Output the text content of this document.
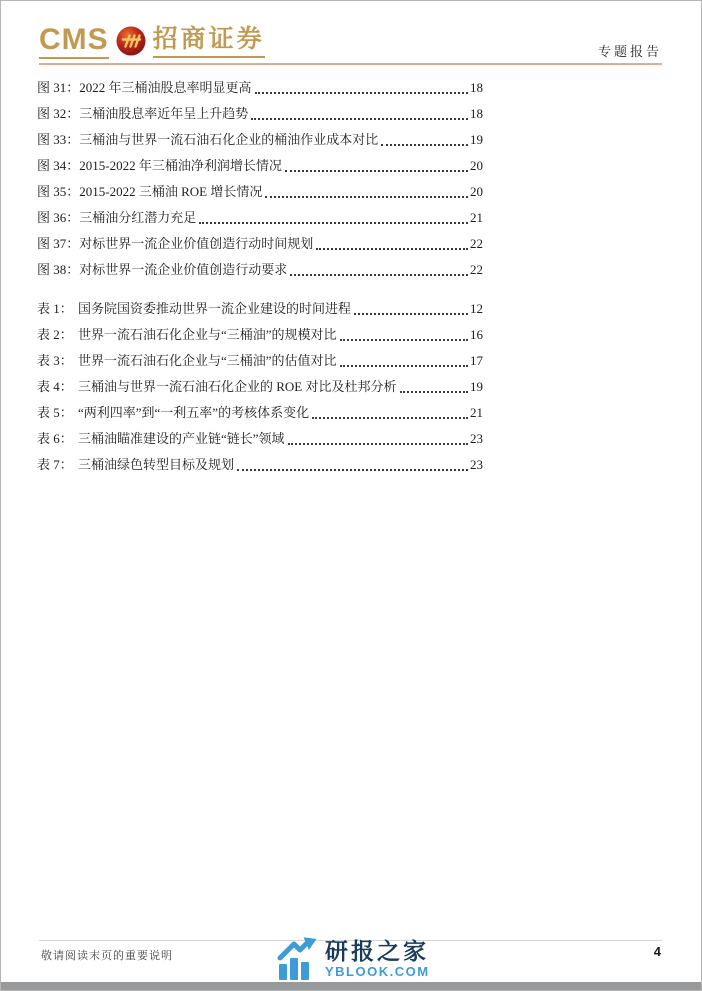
CMS 招商证券	专题报告
图 31： 2022 年三桶油股息率明显更高	18
图 32： 三桶油股息率近年呈上升趋势	18
图 33： 三桶油与世界一流石油石化企业的桶油作业成本对比	19
图 34： 2015-2022 年三桶油净利润增长情况	20
图 35： 2015-2022 三桶油 ROE 增长情况	20
图 36： 三桶油分红潜力充足	21
图 37： 对标世界一流企业价值创造行动时间规划	22
图 38： 对标世界一流企业价值创造行动要求	22
表 1： 国务院国资委推动世界一流企业建设的时间进程	12
表 2： 世界一流石油石化企业与“三桶油”的规模对比	16
表 3： 世界一流石油石化企业与“三桶油”的估值对比	17
表 4： 三桶油与世界一流石油石化企业的 ROE 对比及杜邦分析	19
表 5： “两利四率”到“一利五率”的考核体系变化	21
表 6： 三桶油瞄准建设的产业链“链长”领域	23
表 7： 三桶油绿色转型目标及规划	23
敬请阅读末页的重要说明	研报之家
YBLOOK.COM
4
